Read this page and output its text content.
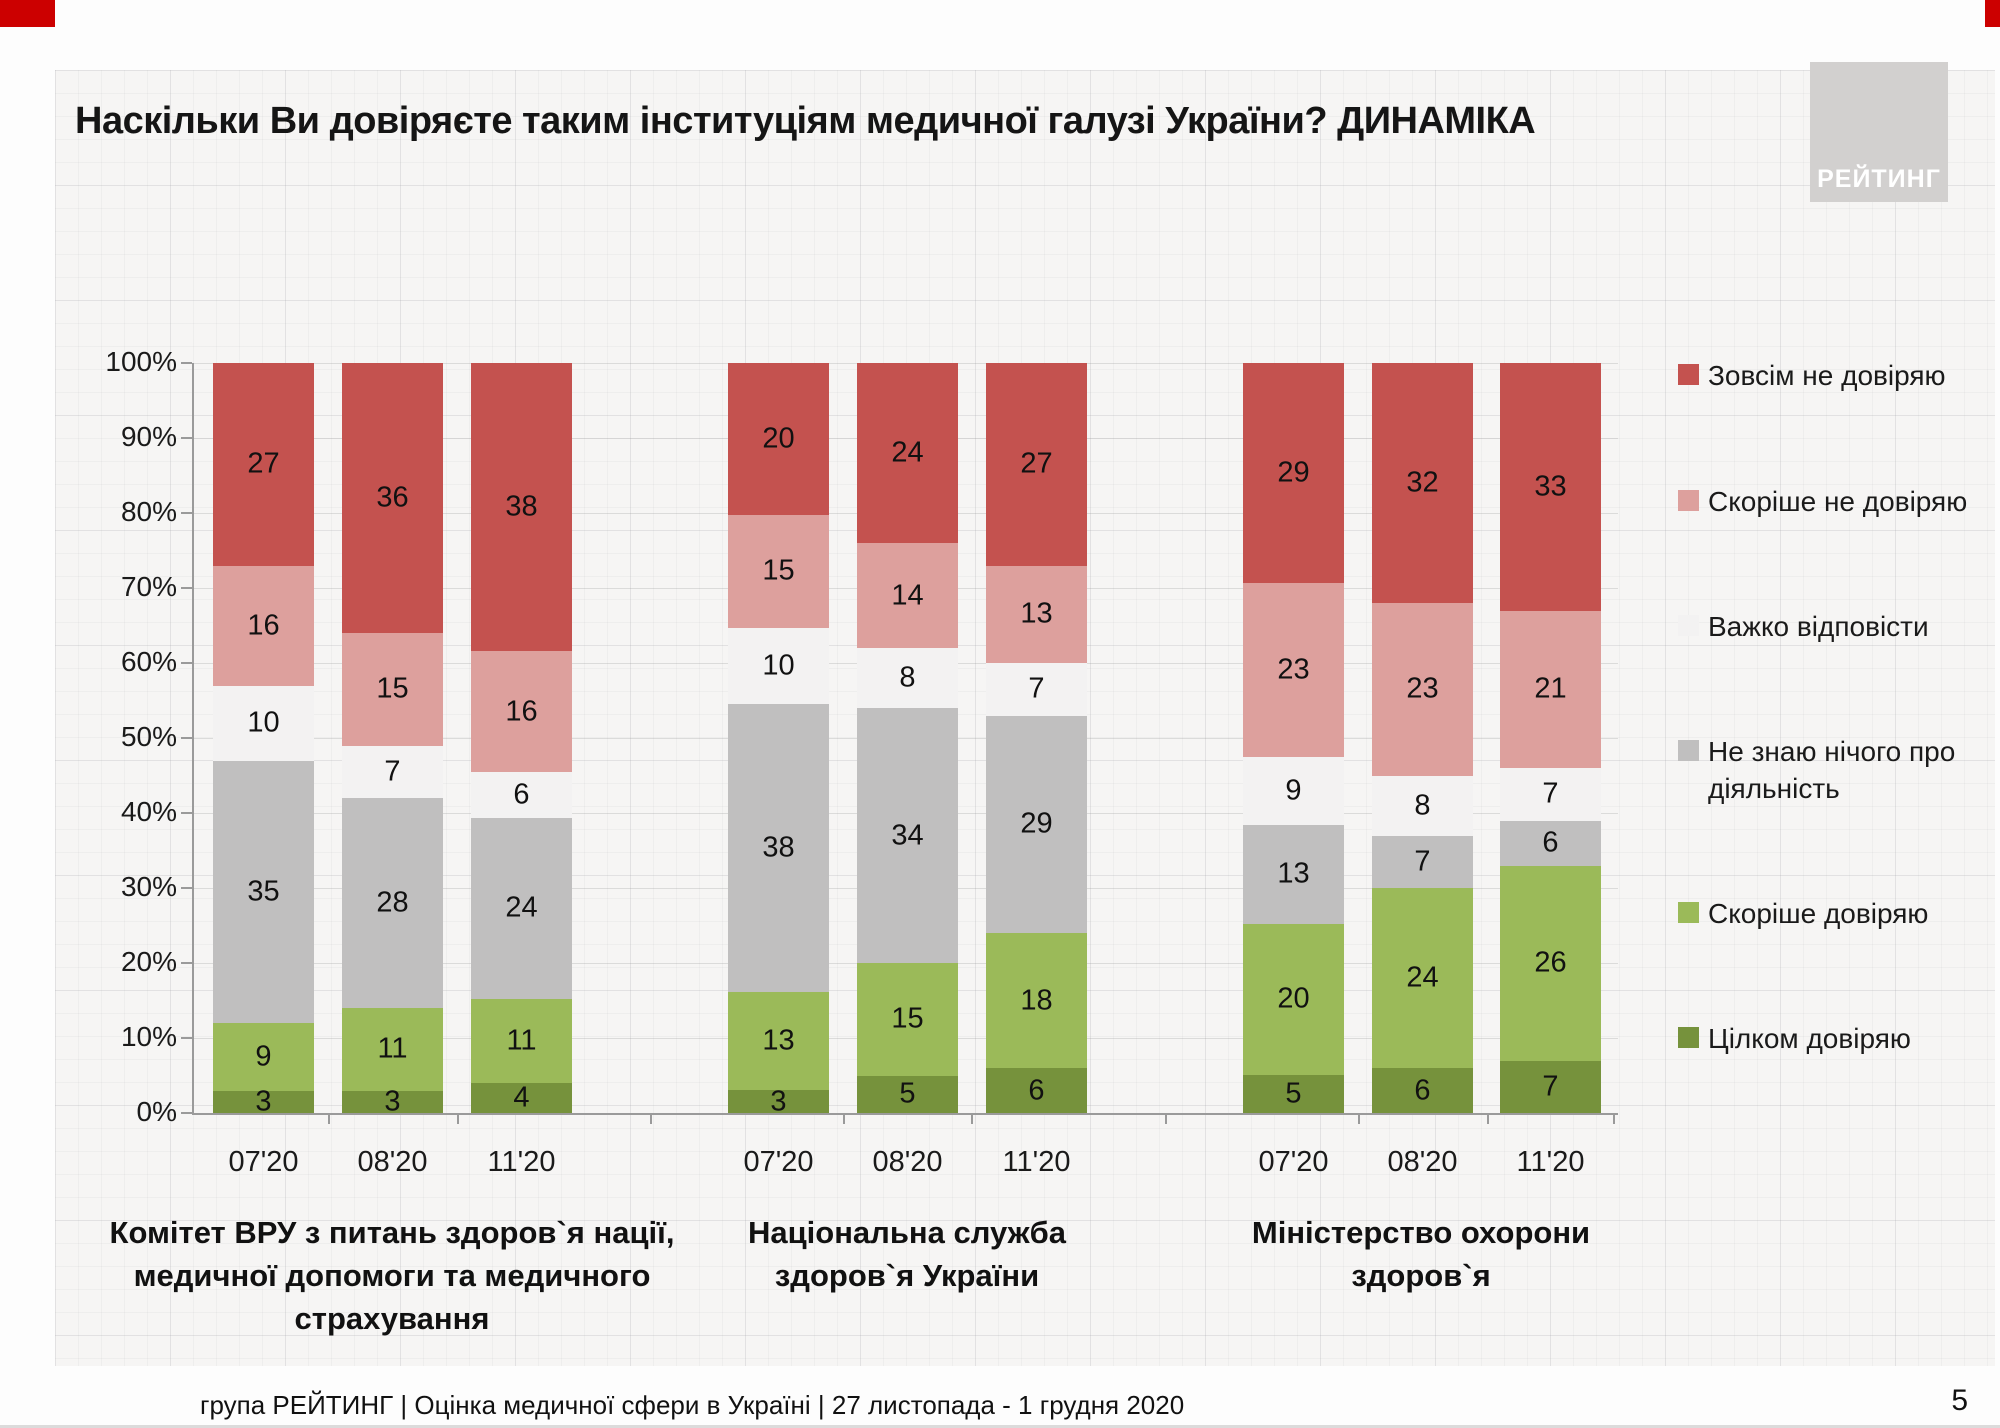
Наскільки Ви довіряєте таким інституціям медичної галузі України? ДИНАМІКА
РЕЙТИНГ
0%
10%
20%
30%
40%
50%
60%
70%
80%
90%
100%
3
9
35
10
16
27
07'20
3
11
28
7
15
36
08'20
4
11
24
6
16
38
11'20
Комітет ВРУ з питань здоров`я нації, медичної допомоги та медичного страхування
3
13
38
10
15
20
07'20
5
15
34
8
14
24
08'20
6
18
29
7
13
27
11'20
Національна служба здоров`я України
5
20
13
9
23
29
07'20
6
24
7
8
23
32
08'20
7
26
6
7
21
33
11'20
Міністерство охорони здоров`я
Зовсім не довіряю
Скоріше не довіряю
Важко відповісти
Не знаю нічого про діяльність
Скоріше довіряю
Цілком довіряю
група РЕЙТИНГ | Оцінка медичної сфери в Україні | 27 листопада - 1 грудня 2020	5
